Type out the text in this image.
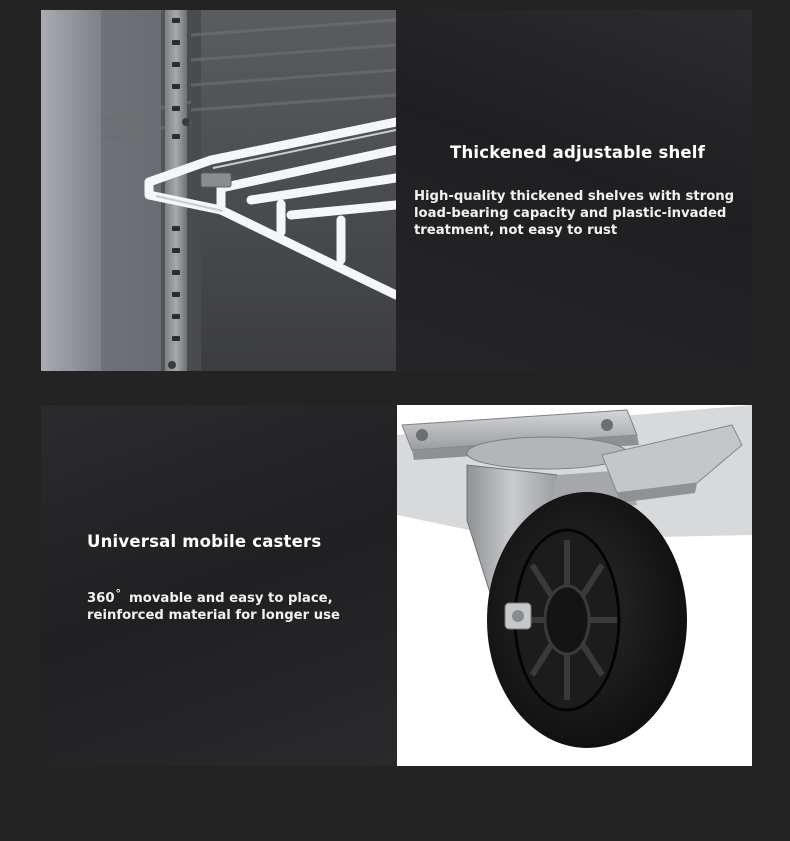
Thickened adjustable shelf

High-quality thickened shelves with strong
load-bearing capacity and plastic-invaded
treatment, not easy to rust

Universal mobile casters

360° movable and easy to place,
reinforced material for longer use
